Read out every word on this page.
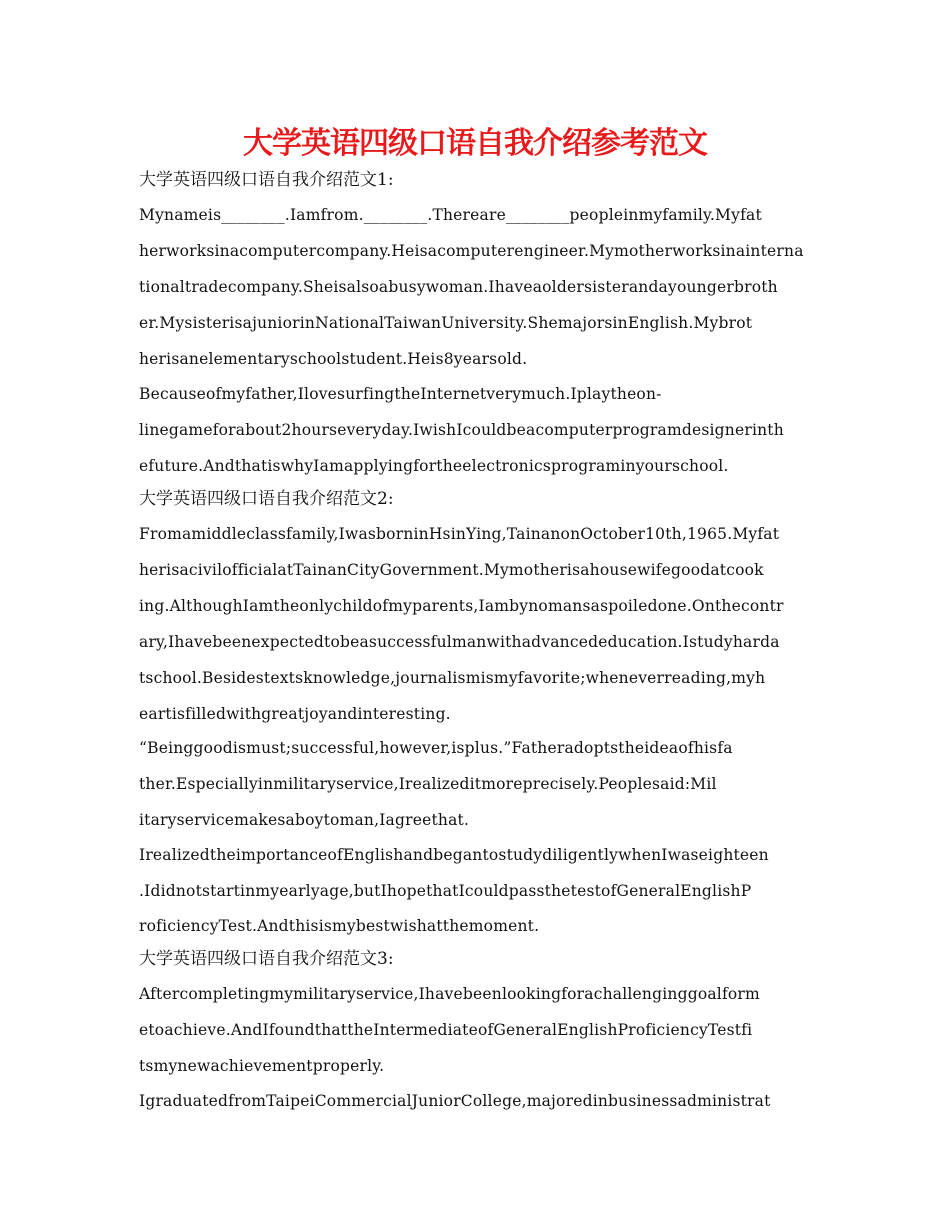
大学英语四级口语自我介绍参考范文

大学英语四级口语自我介绍范文1:

Mynameis________.Iamfrom.________.Thereare________peopleinmyfamily.Myfat

herworksinacomputercompany.Heisacomputerengineer.Mymotherworksinainterna

tionaltradecompany.Sheisalsoabusywoman.Ihaveaoldersisterandayoungerbroth

er.MysisterisajuniorinNationalTaiwanUniversity.ShemajorsinEnglish.Mybrot

herisanelementaryschoolstudent.Heis8yearsold.

Becauseofmyfather,IlovesurfingtheInternetverymuch.Iplaytheon-

linegameforabout2hourseveryday.IwishIcouldbeacomputerprogramdesignerinth

efuture.AndthatiswhyIamapplyingfortheelectronicsprograminyourschool.

大学英语四级口语自我介绍范文2:

Fromamiddleclassfamily,IwasborninHsinYing,TainanonOctober10th,1965.Myfat

herisacivilofficialatTainanCityGovernment.Mymotherisahousewifegoodatcook

ing.AlthoughIamtheonlychildofmyparents,Iambynomansaspoiledone.Onthecontr

ary,Ihavebeenexpectedtobeasuccessfulmanwithadvancededucation.Istudyharda

tschool.Besidestextsknowledge,journalismismyfavorite;wheneverreading,myh

eartisfilledwithgreatjoyandinteresting.

“Beinggoodismust;successful,however,isplus.”Fatheradoptstheideaofhisfa

ther.Especiallyinmilitaryservice,Irealizeditmoreprecisely.Peoplesaid:Mil

itaryservicemakesaboytoman,Iagreethat.

IrealizedtheimportanceofEnglishandbegantostudydiligentlywhenIwaseighteen

.Ididnotstartinmyearlyage,butIhopethatIcouldpassthetestofGeneralEnglishP

roficiencyTest.Andthisismybestwishatthemoment.

大学英语四级口语自我介绍范文3:

Aftercompletingmymilitaryservice,Ihavebeenlookingforachallenginggoalform

etoachieve.AndIfoundthattheIntermediateofGeneralEnglishProficiencyTestfi

tsmynewachievementproperly.

IgraduatedfromTaipeiCommercialJuniorCollege,majoredinbusinessadministrat
